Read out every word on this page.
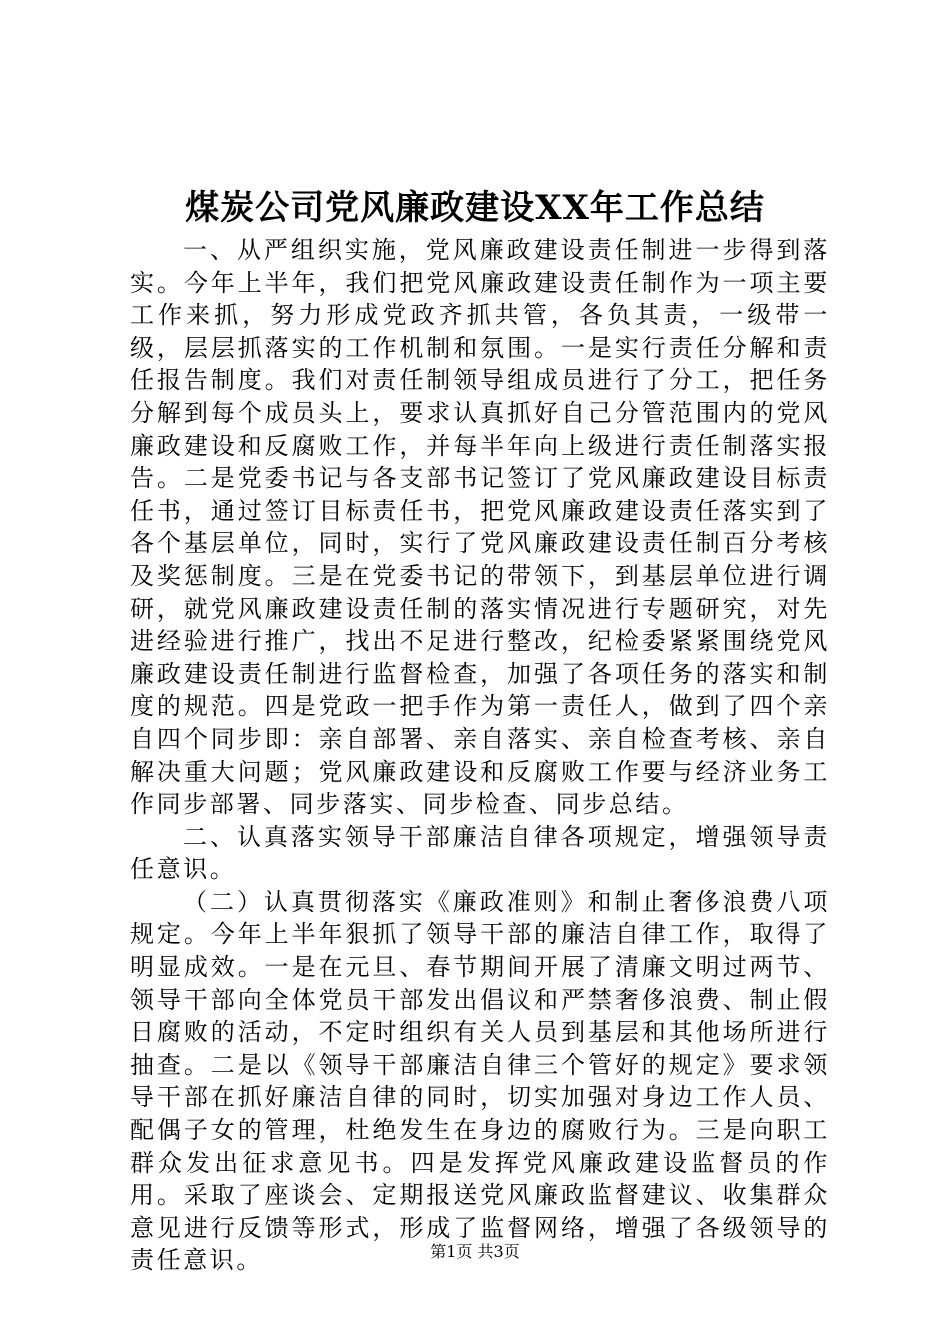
煤炭公司党风廉政建设XX年工作总结

一、从严组织实施，党风廉政建设责任制进一步得到落实。今年上半年，我们把党风廉政建设责任制作为一项主要工作来抓，努力形成党政齐抓共管，各负其责，一级带一级，层层抓落实的工作机制和氛围。一是实行责任分解和责任报告制度。我们对责任制领导组成员进行了分工，把任务分解到每个成员头上，要求认真抓好自己分管范围内的党风廉政建设和反腐败工作，并每半年向上级进行责任制落实报告。二是党委书记与各支部书记签订了党风廉政建设目标责任书，通过签订目标责任书，把党风廉政建设责任落实到了各个基层单位，同时，实行了党风廉政建设责任制百分考核及奖惩制度。三是在党委书记的带领下，到基层单位进行调研，就党风廉政建设责任制的落实情况进行专题研究，对先进经验进行推广，找出不足进行整改，纪检委紧紧围绕党风廉政建设责任制进行监督检查，加强了各项任务的落实和制度的规范。四是党政一把手作为第一责任人，做到了四个亲自四个同步即：亲自部署、亲自落实、亲自检查考核、亲自解决重大问题；党风廉政建设和反腐败工作要与经济业务工作同步部署、同步落实、同步检查、同步总结。

二、认真落实领导干部廉洁自律各项规定，增强领导责任意识。

（二）认真贯彻落实《廉政准则》和制止奢侈浪费八项规定。今年上半年狠抓了领导干部的廉洁自律工作，取得了明显成效。一是在元旦、春节期间开展了清廉文明过两节、领导干部向全体党员干部发出倡议和严禁奢侈浪费、制止假日腐败的活动，不定时组织有关人员到基层和其他场所进行抽查。二是以《领导干部廉洁自律三个管好的规定》要求领导干部在抓好廉洁自律的同时，切实加强对身边工作人员、配偶子女的管理，杜绝发生在身边的腐败行为。三是向职工群众发出征求意见书。四是发挥党风廉政建设监督员的作用。采取了座谈会、定期报送党风廉政监督建议、收集群众意见进行反馈等形式，形成了监督网络，增强了各级领导的责任意识。	第1页 共3页
